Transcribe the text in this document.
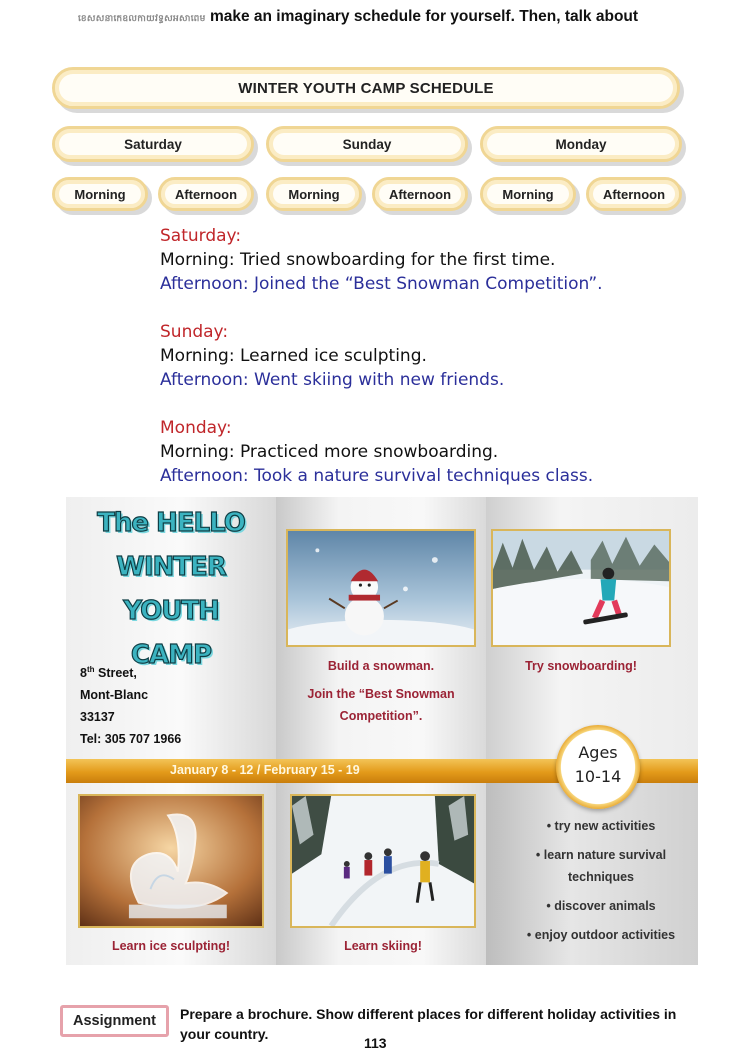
ខេសសនាកេឧលកាយវទ្ធសអសាពេម make an imaginary schedule for yourself. Then, talk about
WINTER YOUTH CAMP SCHEDULE
Saturday	Sunday	Monday
Morning	Afternoon	Morning	Afternoon	Morning	Afternoon
Saturday:
Morning: Tried snowboarding for the first time.
Afternoon: Joined the “Best Snowman Competition”.
Sunday:
Morning: Learned ice sculpting.
Afternoon: Went skiing with new friends.
Monday:
Morning: Practiced more snowboarding.
Afternoon: Took a nature survival techniques class.
The HELLO
WINTER YOUTH
CAMP
8th Street,
Mont-Blanc
33137
Tel: 305 707 1966
Build a snowman.
Join the “Best Snowman
Competition”.
Try snowboarding!
January 8 - 12 / February 15 - 19
Ages
10-14
Learn ice sculpting!	Learn skiing!
• try new activities
• learn nature survival techniques
• discover animals
• enjoy outdoor activities
Assignment	Prepare a brochure. Show different places for different holiday activities in your country.
113
